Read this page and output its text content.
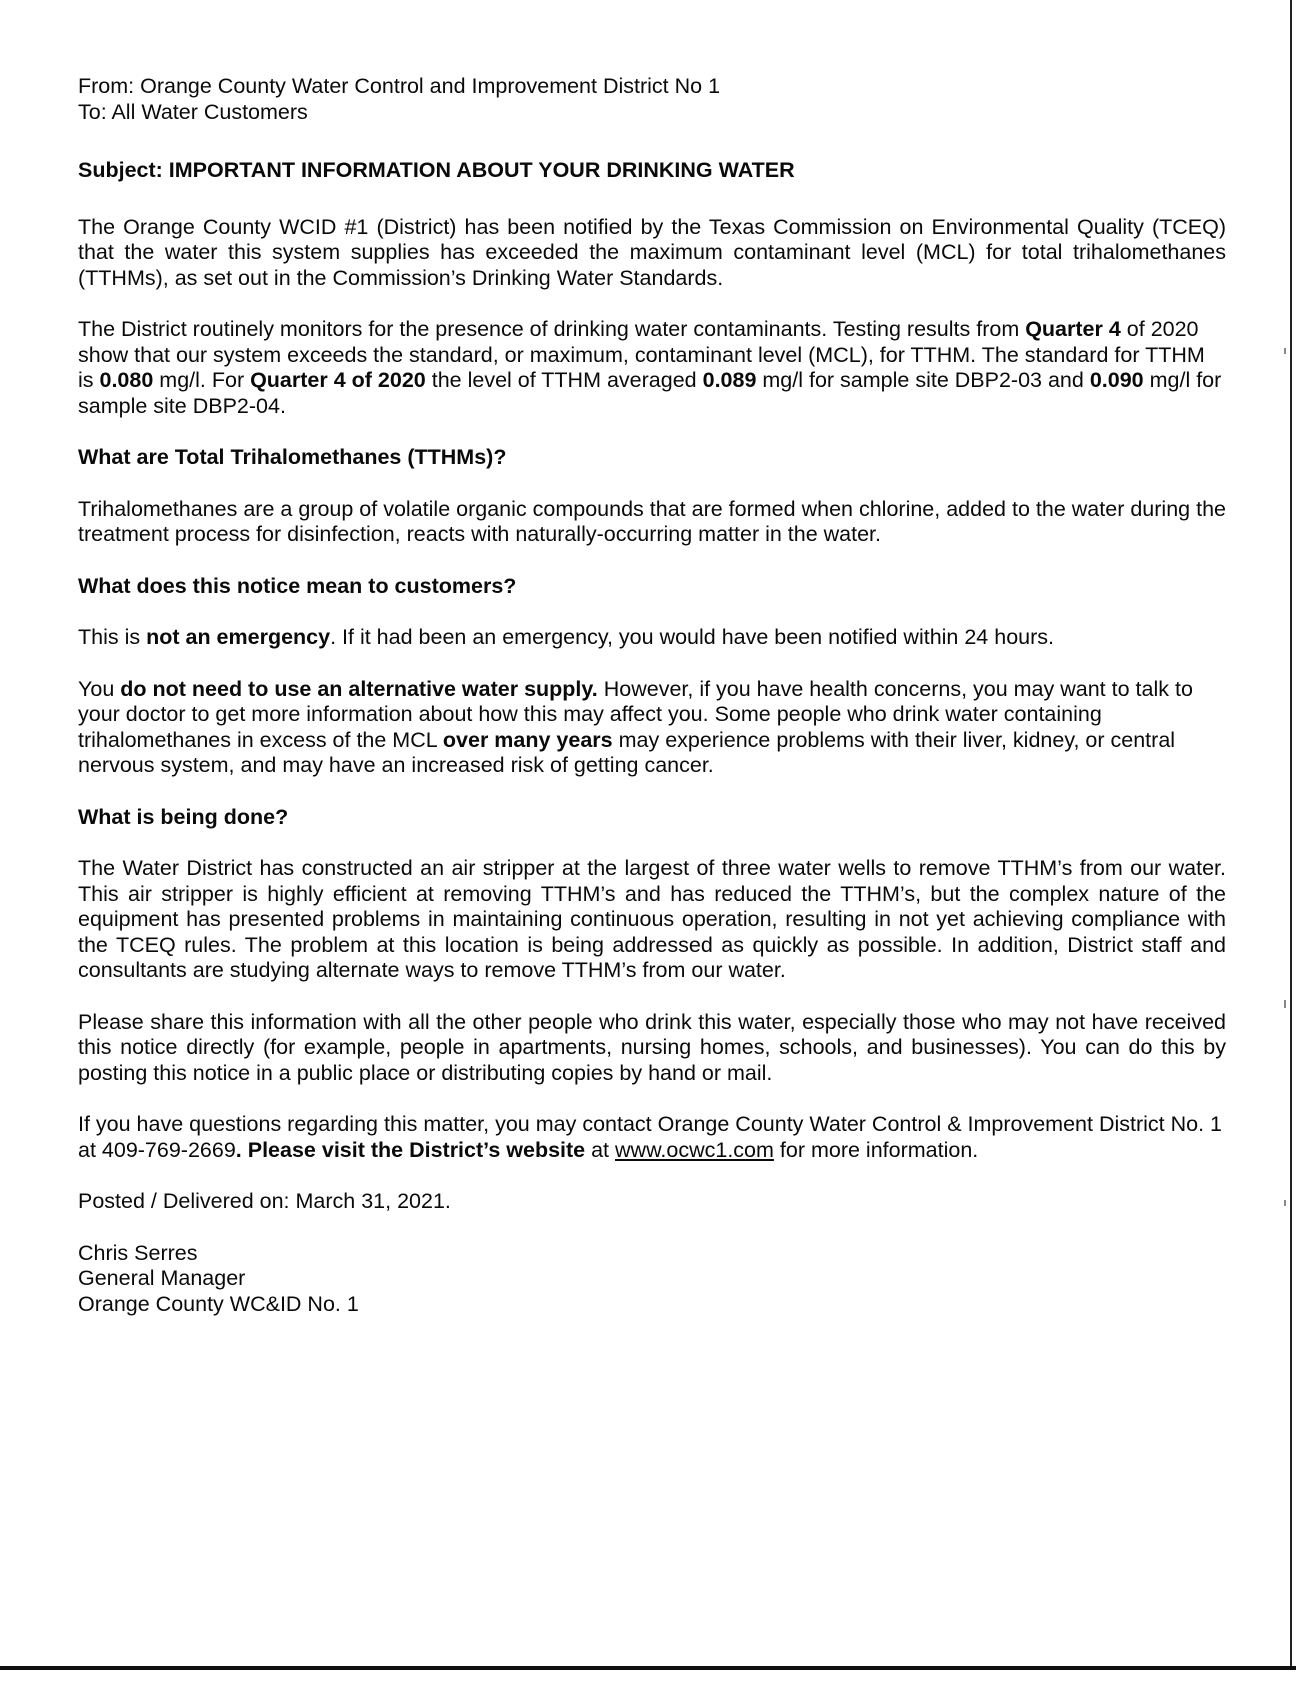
From: Orange County Water Control and Improvement District No 1

To: All Water Customers

Subject: IMPORTANT INFORMATION ABOUT YOUR DRINKING WATER

The Orange County WCID #1 (District) has been notified by the Texas Commission on Environmental Quality (TCEQ) that the water this system supplies has exceeded the maximum contaminant level (MCL) for total trihalomethanes (TTHMs), as set out in the Commission’s Drinking Water Standards.

The District routinely monitors for the presence of drinking water contaminants. Testing results from Quarter 4 of 2020 show that our system exceeds the standard, or maximum, contaminant level (MCL), for TTHM. The standard for TTHM is 0.080 mg/l. For Quarter 4 of 2020 the level of TTHM averaged 0.089 mg/l for sample site DBP2-03 and 0.090 mg/l for sample site DBP2-04.

What are Total Trihalomethanes (TTHMs)?

Trihalomethanes are a group of volatile organic compounds that are formed when chlorine, added to the water during the treatment process for disinfection, reacts with naturally-occurring matter in the water.

What does this notice mean to customers?

This is not an emergency. If it had been an emergency, you would have been notified within 24 hours.

You do not need to use an alternative water supply. However, if you have health concerns, you may want to talk to your doctor to get more information about how this may affect you. Some people who drink water containing trihalomethanes in excess of the MCL over many years may experience problems with their liver, kidney, or central nervous system, and may have an increased risk of getting cancer.

What is being done?

The Water District has constructed an air stripper at the largest of three water wells to remove TTHM’s from our water. This air stripper is highly efficient at removing TTHM’s and has reduced the TTHM’s, but the complex nature of the equipment has presented problems in maintaining continuous operation, resulting in not yet achieving compliance with the TCEQ rules. The problem at this location is being addressed as quickly as possible. In addition, District staff and consultants are studying alternate ways to remove TTHM’s from our water.

Please share this information with all the other people who drink this water, especially those who may not have received this notice directly (for example, people in apartments, nursing homes, schools, and businesses). You can do this by posting this notice in a public place or distributing copies by hand or mail.

If you have questions regarding this matter, you may contact Orange County Water Control & Improvement District No. 1 at 409-769-2669. Please visit the District’s website at www.ocwc1.com for more information.

Posted / Delivered on: March 31, 2021.

Chris Serres

General Manager

Orange County WC&ID No. 1
